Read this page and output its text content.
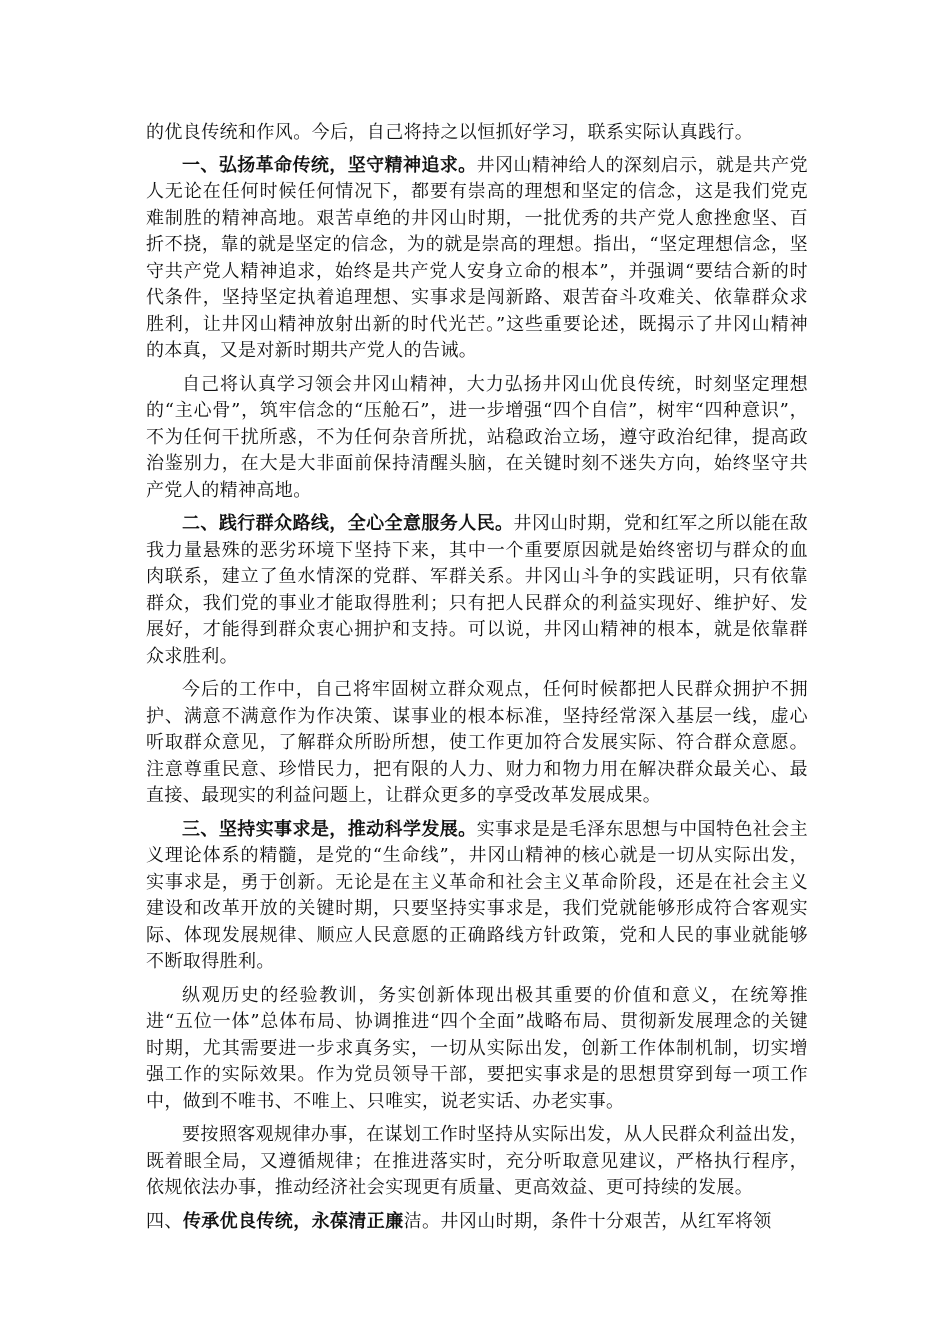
的优良传统和作风。今后，自己将持之以恒抓好学习，联系实际认真践行。

一、弘扬革命传统，坚守精神追求。井冈山精神给人的深刻启示，就是共产党人无论在任何时候任何情况下，都要有崇高的理想和坚定的信念，这是我们党克难制胜的精神高地。艰苦卓绝的井冈山时期，一批优秀的共产党人愈挫愈坚、百折不挠，靠的就是坚定的信念，为的就是崇高的理想。指出，“坚定理想信念，坚守共产党人精神追求，始终是共产党人安身立命的根本”，并强调“要结合新的时代条件，坚持坚定执着追理想、实事求是闯新路、艰苦奋斗攻难关、依靠群众求胜利，让井冈山精神放射出新的时代光芒。”这些重要论述，既揭示了井冈山精神的本真，又是对新时期共产党人的告诫。

自己将认真学习领会井冈山精神，大力弘扬井冈山优良传统，时刻坚定理想的“主心骨”，筑牢信念的“压舱石”，进一步增强“四个自信”，树牢“四种意识”，不为任何干扰所惑，不为任何杂音所扰，站稳政治立场，遵守政治纪律，提高政治鉴别力，在大是大非面前保持清醒头脑，在关键时刻不迷失方向，始终坚守共产党人的精神高地。

二、践行群众路线，全心全意服务人民。井冈山时期，党和红军之所以能在敌我力量悬殊的恶劣环境下坚持下来，其中一个重要原因就是始终密切与群众的血肉联系，建立了鱼水情深的党群、军群关系。井冈山斗争的实践证明，只有依靠群众，我们党的事业才能取得胜利；只有把人民群众的利益实现好、维护好、发展好，才能得到群众衷心拥护和支持。可以说，井冈山精神的根本，就是依靠群众求胜利。

今后的工作中，自己将牢固树立群众观点，任何时候都把人民群众拥护不拥护、满意不满意作为作决策、谋事业的根本标准，坚持经常深入基层一线，虚心听取群众意见，了解群众所盼所想，使工作更加符合发展实际、符合群众意愿。注意尊重民意、珍惜民力，把有限的人力、财力和物力用在解决群众最关心、最直接、最现实的利益问题上，让群众更多的享受改革发展成果。

三、坚持实事求是，推动科学发展。实事求是是毛泽东思想与中国特色社会主义理论体系的精髓，是党的“生命线”，井冈山精神的核心就是一切从实际出发，实事求是，勇于创新。无论是在主义革命和社会主义革命阶段，还是在社会主义建设和改革开放的关键时期，只要坚持实事求是，我们党就能够形成符合客观实际、体现发展规律、顺应人民意愿的正确路线方针政策，党和人民的事业就能够不断取得胜利。

纵观历史的经验教训，务实创新体现出极其重要的价值和意义，在统筹推进“五位一体”总体布局、协调推进“四个全面”战略布局、贯彻新发展理念的关键时期，尤其需要进一步求真务实，一切从实际出发，创新工作体制机制，切实增强工作的实际效果。作为党员领导干部，要把实事求是的思想贯穿到每一项工作中，做到不唯书、不唯上、只唯实，说老实话、办老实事。

要按照客观规律办事，在谋划工作时坚持从实际出发，从人民群众利益出发，既着眼全局，又遵循规律；在推进落实时，充分听取意见建议，严格执行程序，依规依法办事，推动经济社会实现更有质量、更高效益、更可持续的发展。

四、传承优良传统，永葆清正廉洁。井冈山时期，条件十分艰苦，从红军将领
